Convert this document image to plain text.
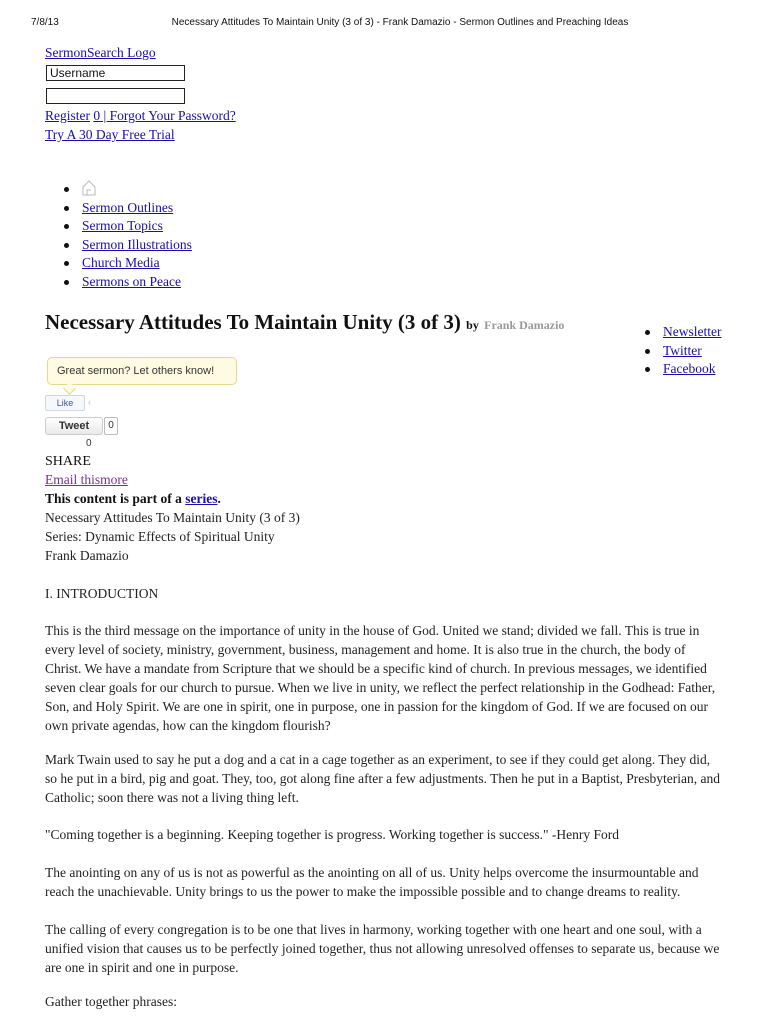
7/8/13	Necessary Attitudes To Maintain Unity (3 of 3) - Frank Damazio - Sermon Outlines and Preaching Ideas
SermonSearch Logo
Username
Register 0 | Forgot Your Password?
Try A 30 Day Free Trial
Sermon Outlines
Sermon Topics
Sermon Illustrations
Church Media
Sermons on Peace
Necessary Attitudes To Maintain Unity (3 of 3) by Frank Damazio	Newsletter
Twitter
Facebook
Great sermon? Let others know!
Like	‹
Tweet	0
0
SHARE
Email thismore
This content is part of a series.
Necessary Attitudes To Maintain Unity (3 of 3)
Series: Dynamic Effects of Spiritual Unity
Frank Damazio

I. INTRODUCTION

This is the third message on the importance of unity in the house of God. United we stand; divided we fall. This is true in every level of society, ministry, government, business, management and home. It is also true in the church, the body of Christ. We have a mandate from Scripture that we should be a specific kind of church. In previous messages, we identified seven clear goals for our church to pursue. When we live in unity, we reflect the perfect relationship in the Godhead: Father, Son, and Holy Spirit. We are one in spirit, one in purpose, one in passion for the kingdom of God. If we are focused on our own private agendas, how can the kingdom flourish?

Mark Twain used to say he put a dog and a cat in a cage together as an experiment, to see if they could get along. They did, so he put in a bird, pig and goat. They, too, got along fine after a few adjustments. Then he put in a Baptist, Presbyterian, and Catholic; soon there was not a living thing left.

"Coming together is a beginning. Keeping together is progress. Working together is success." -Henry Ford

The anointing on any of us is not as powerful as the anointing on all of us. Unity helps overcome the insurmountable and reach the unachievable. Unity brings to us the power to make the impossible possible and to change dreams to reality.

The calling of every congregation is to be one that lives in harmony, working together with one heart and one soul, with a unified vision that causes us to be perfectly joined together, thus not allowing unresolved offenses to separate us, because we are one in spirit and one in purpose.

Gather together phrases:
